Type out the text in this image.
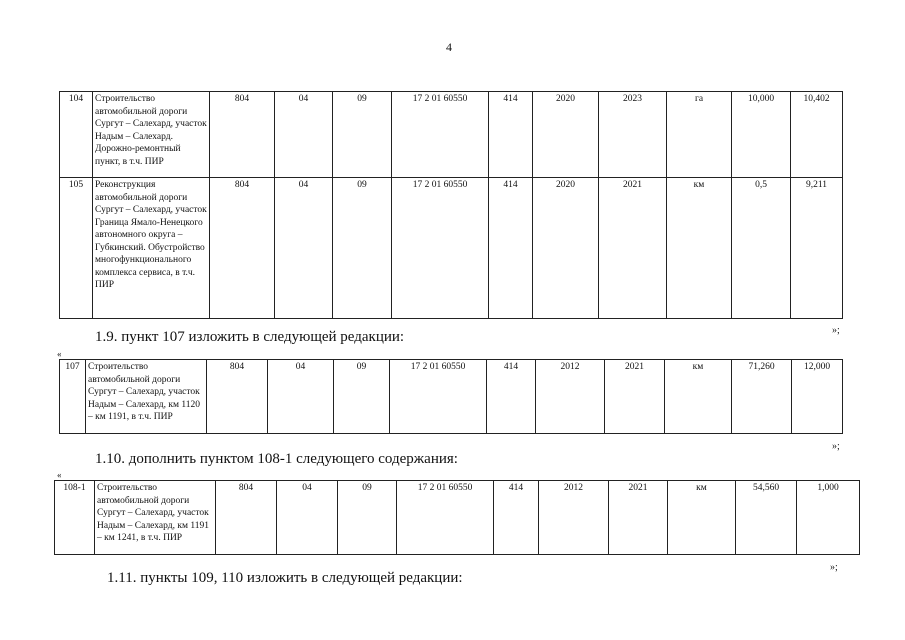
4
104	Строительство автомобильной дороги Сургут – Салехард, участок Надым – Салехард. Дорожно-ремонтный пункт, в т.ч. ПИР	804	04	09	17 2 01 60550	414	2020	2023	га	10,000	10,402
105	Реконструкция автомобильной дороги Сургут – Салехард, участок Граница Ямало-Ненецкого автономного округа – Губкинский. Обустройство многофункционального комплекса сервиса, в т.ч. ПИР	804	04	09	17 2 01 60550	414	2020	2021	км	0,5	9,211
»;
1.9. пункт 107 изложить в следующей редакции:
«
107	Строительство автомобильной дороги Сургут – Салехард, участок Надым – Салехард, км 1120 – км 1191, в т.ч. ПИР	804	04	09	17 2 01 60550	414	2012	2021	км	71,260	12,000
»;
1.10. дополнить пунктом 108-1 следующего содержания:
«
108-1	Строительство автомобильной дороги Сургут – Салехард, участок Надым – Салехард, км 1191 – км 1241, в т.ч. ПИР	804	04	09	17 2 01 60550	414	2012	2021	км	54,560	1,000
»;
1.11. пункты 109, 110 изложить в следующей редакции:
